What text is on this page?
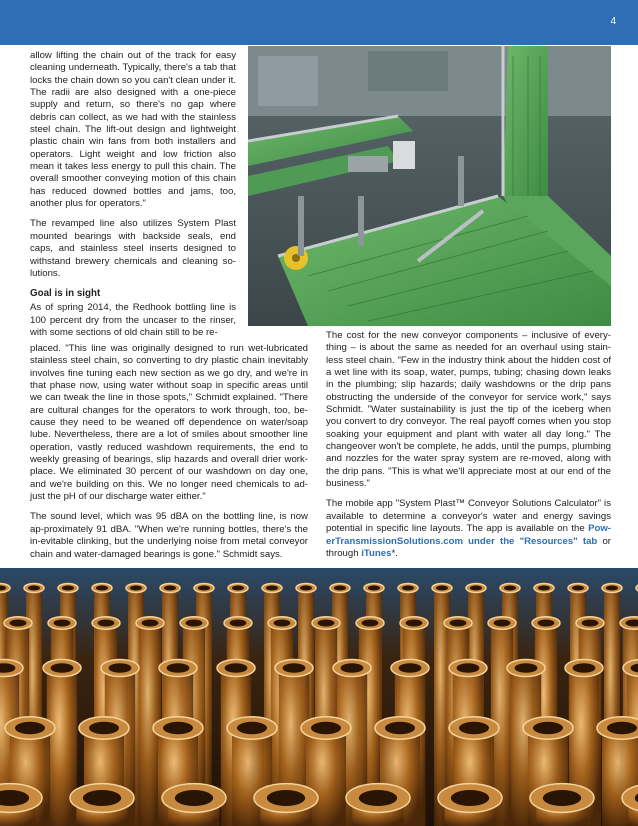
4

allow lifting the chain out of the track for easy cleaning underneath. Typically, there's a tab that locks the chain down so you can't clean under it. The radii are also designed with a one-piece supply and return, so there's no gap where debris can collect, as we had with the stainless steel chain. The lift-out design and lightweight plastic chain win fans from both installers and operators. Light weight and low friction also mean it takes less energy to pull this chain. The overall smoother conveying motion of this chain has reduced downed bottles and jams, too, another plus for operators."

The revamped line also utilizes System Plast mounted bearings with backside seals, end caps, and stainless steel inserts designed to withstand brewery chemicals and cleaning so-lutions.

Goal is in sight

As of spring 2014, the Redhook bottling line is 100 percent dry from the uncaser to the rinser, with some sections of old chain still to be re-

placed. "This line was originally designed to run wet-lubricated stainless steel chain, so converting to dry plastic chain inevitably involves fine tuning each new section as we go dry, and we're in that phase now, using water without soap in specific areas until we can tweak the line in those spots," Schmidt explained. "There are cultural changes for the operators to work through, too, be-cause they need to be weaned off dependence on water/soap lube. Nevertheless, there are a lot of smiles about smoother line operation, vastly reduced washdown requirements, the end to weekly greasing of bearings, slip hazards and overall drier work-place. We eliminated 30 percent of our washdown on day one, and we're building on this. We no longer need chemicals to ad-just the pH of our discharge water either."

The sound level, which was 95 dBA on the bottling line, is now ap-proximately 91 dBA. "When we're running bottles, there's the in-evitable clinking, but the underlying noise from metal conveyor chain and water-damaged bearings is gone." Schmidt says.

The cost for the new conveyor components – inclusive of every-thing – is about the same as needed for an overhaul using stain-less steel chain. "Few in the industry think about the hidden cost of a wet line with its soap, water, pumps, tubing; chasing down leaks in the plumbing; slip hazards; daily washdowns or the drip pans obstructing the underside of the conveyor for service work," says Schmidt. "Water sustainability is just the tip of the iceberg when you convert to dry conveyor. The real payoff comes when you stop soaking your equipment and plant with water all day long." The changeover won't be complete, he adds, until the pumps, plumbing and nozzles for the water spray system are re-moved, along with the drip pans. "This is what we'll appreciate most at our end of the business."

The mobile app "System Plast™ Conveyor Solutions Calculator" is available to determine a conveyor's water and energy savings potential in specific line layouts. The app is available on the Pow-erTransmissionSolutions.com under the "Resources" tab or through iTunes*.
